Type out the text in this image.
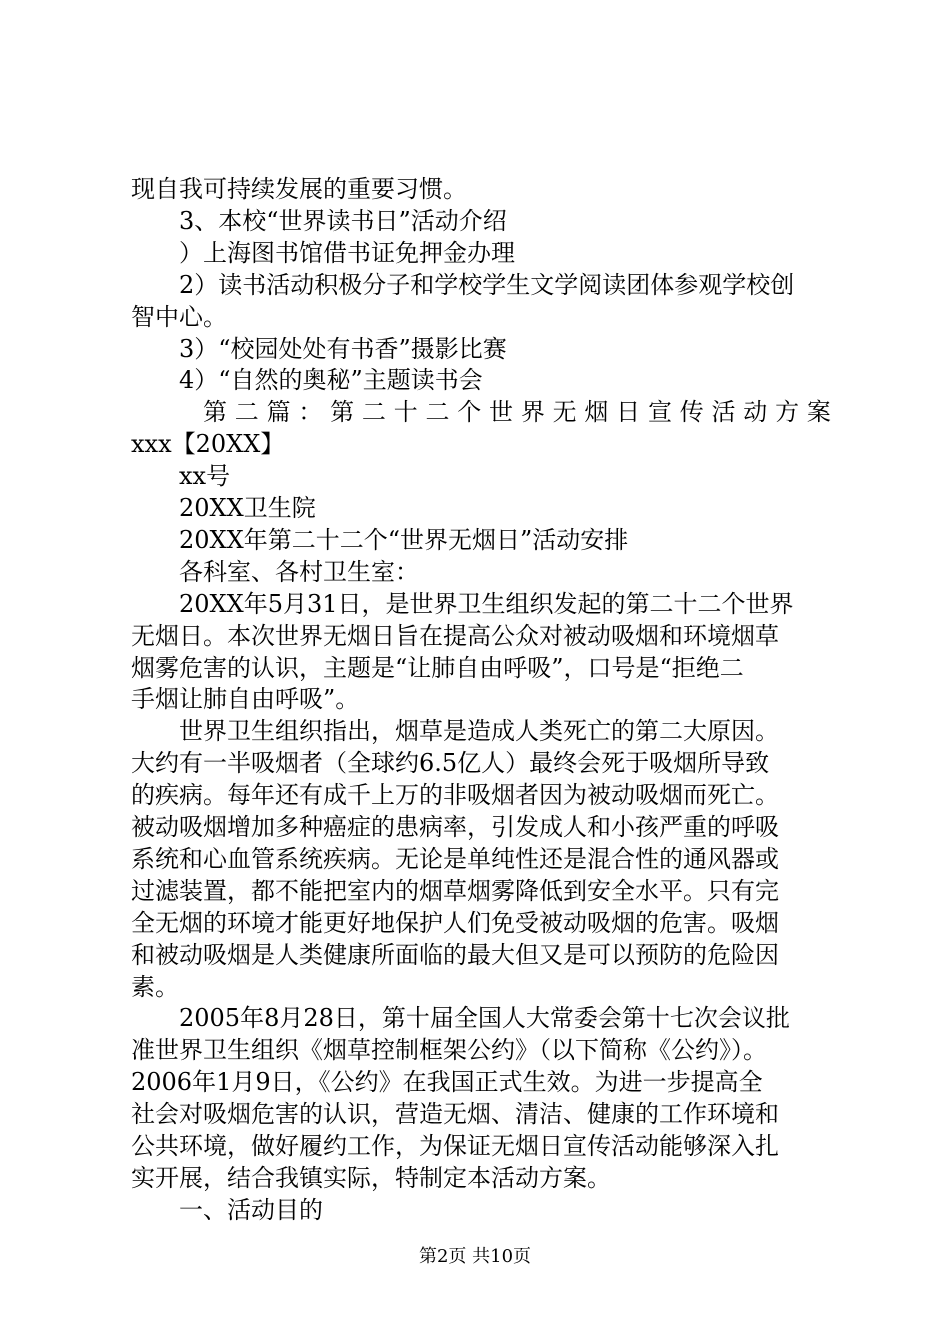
现自我可持续发展的重要习惯。
　　3、本校“世界读书日”活动介绍
　　）上海图书馆借书证免押金办理
　　2）读书活动积极分子和学校学生文学阅读团体参观学校创
智中心。
　　3）“校园处处有书香”摄影比赛
　　4）“自然的奥秘”主题读书会
　　　第 二 篇 ： 第 二 十 二 个 世 界 无 烟 日 宣 传 活 动 方 案
xxx【20XX】
　　xx号
　　20XX卫生院
　　20XX年第二十二个“世界无烟日”活动安排
　　各科室、各村卫生室：
　　20XX年5月31日，是世界卫生组织发起的第二十二个世界
无烟日。本次世界无烟日旨在提高公众对被动吸烟和环境烟草
烟雾危害的认识，主题是“让肺自由呼吸”，口号是“拒绝二
手烟让肺自由呼吸”。
　　世界卫生组织指出，烟草是造成人类死亡的第二大原因。
大约有一半吸烟者（全球约6.5亿人）最终会死于吸烟所导致
的疾病。每年还有成千上万的非吸烟者因为被动吸烟而死亡。
被动吸烟增加多种癌症的患病率，引发成人和小孩严重的呼吸
系统和心血管系统疾病。无论是单纯性还是混合性的通风器或
过滤装置，都不能把室内的烟草烟雾降低到安全水平。只有完
全无烟的环境才能更好地保护人们免受被动吸烟的危害。吸烟
和被动吸烟是人类健康所面临的最大但又是可以预防的危险因
素。
　　2005年8月28日，第十届全国人大常委会第十七次会议批
准世界卫生组织《烟草控制框架公约》（以下简称《公约》）。
2006年1月9日，《公约》在我国正式生效。为进一步提高全
社会对吸烟危害的认识，营造无烟、清洁、健康的工作环境和
公共环境，做好履约工作，为保证无烟日宣传活动能够深入扎
实开展，结合我镇实际，特制定本活动方案。
　　一、活动目的
第2页 共10页
